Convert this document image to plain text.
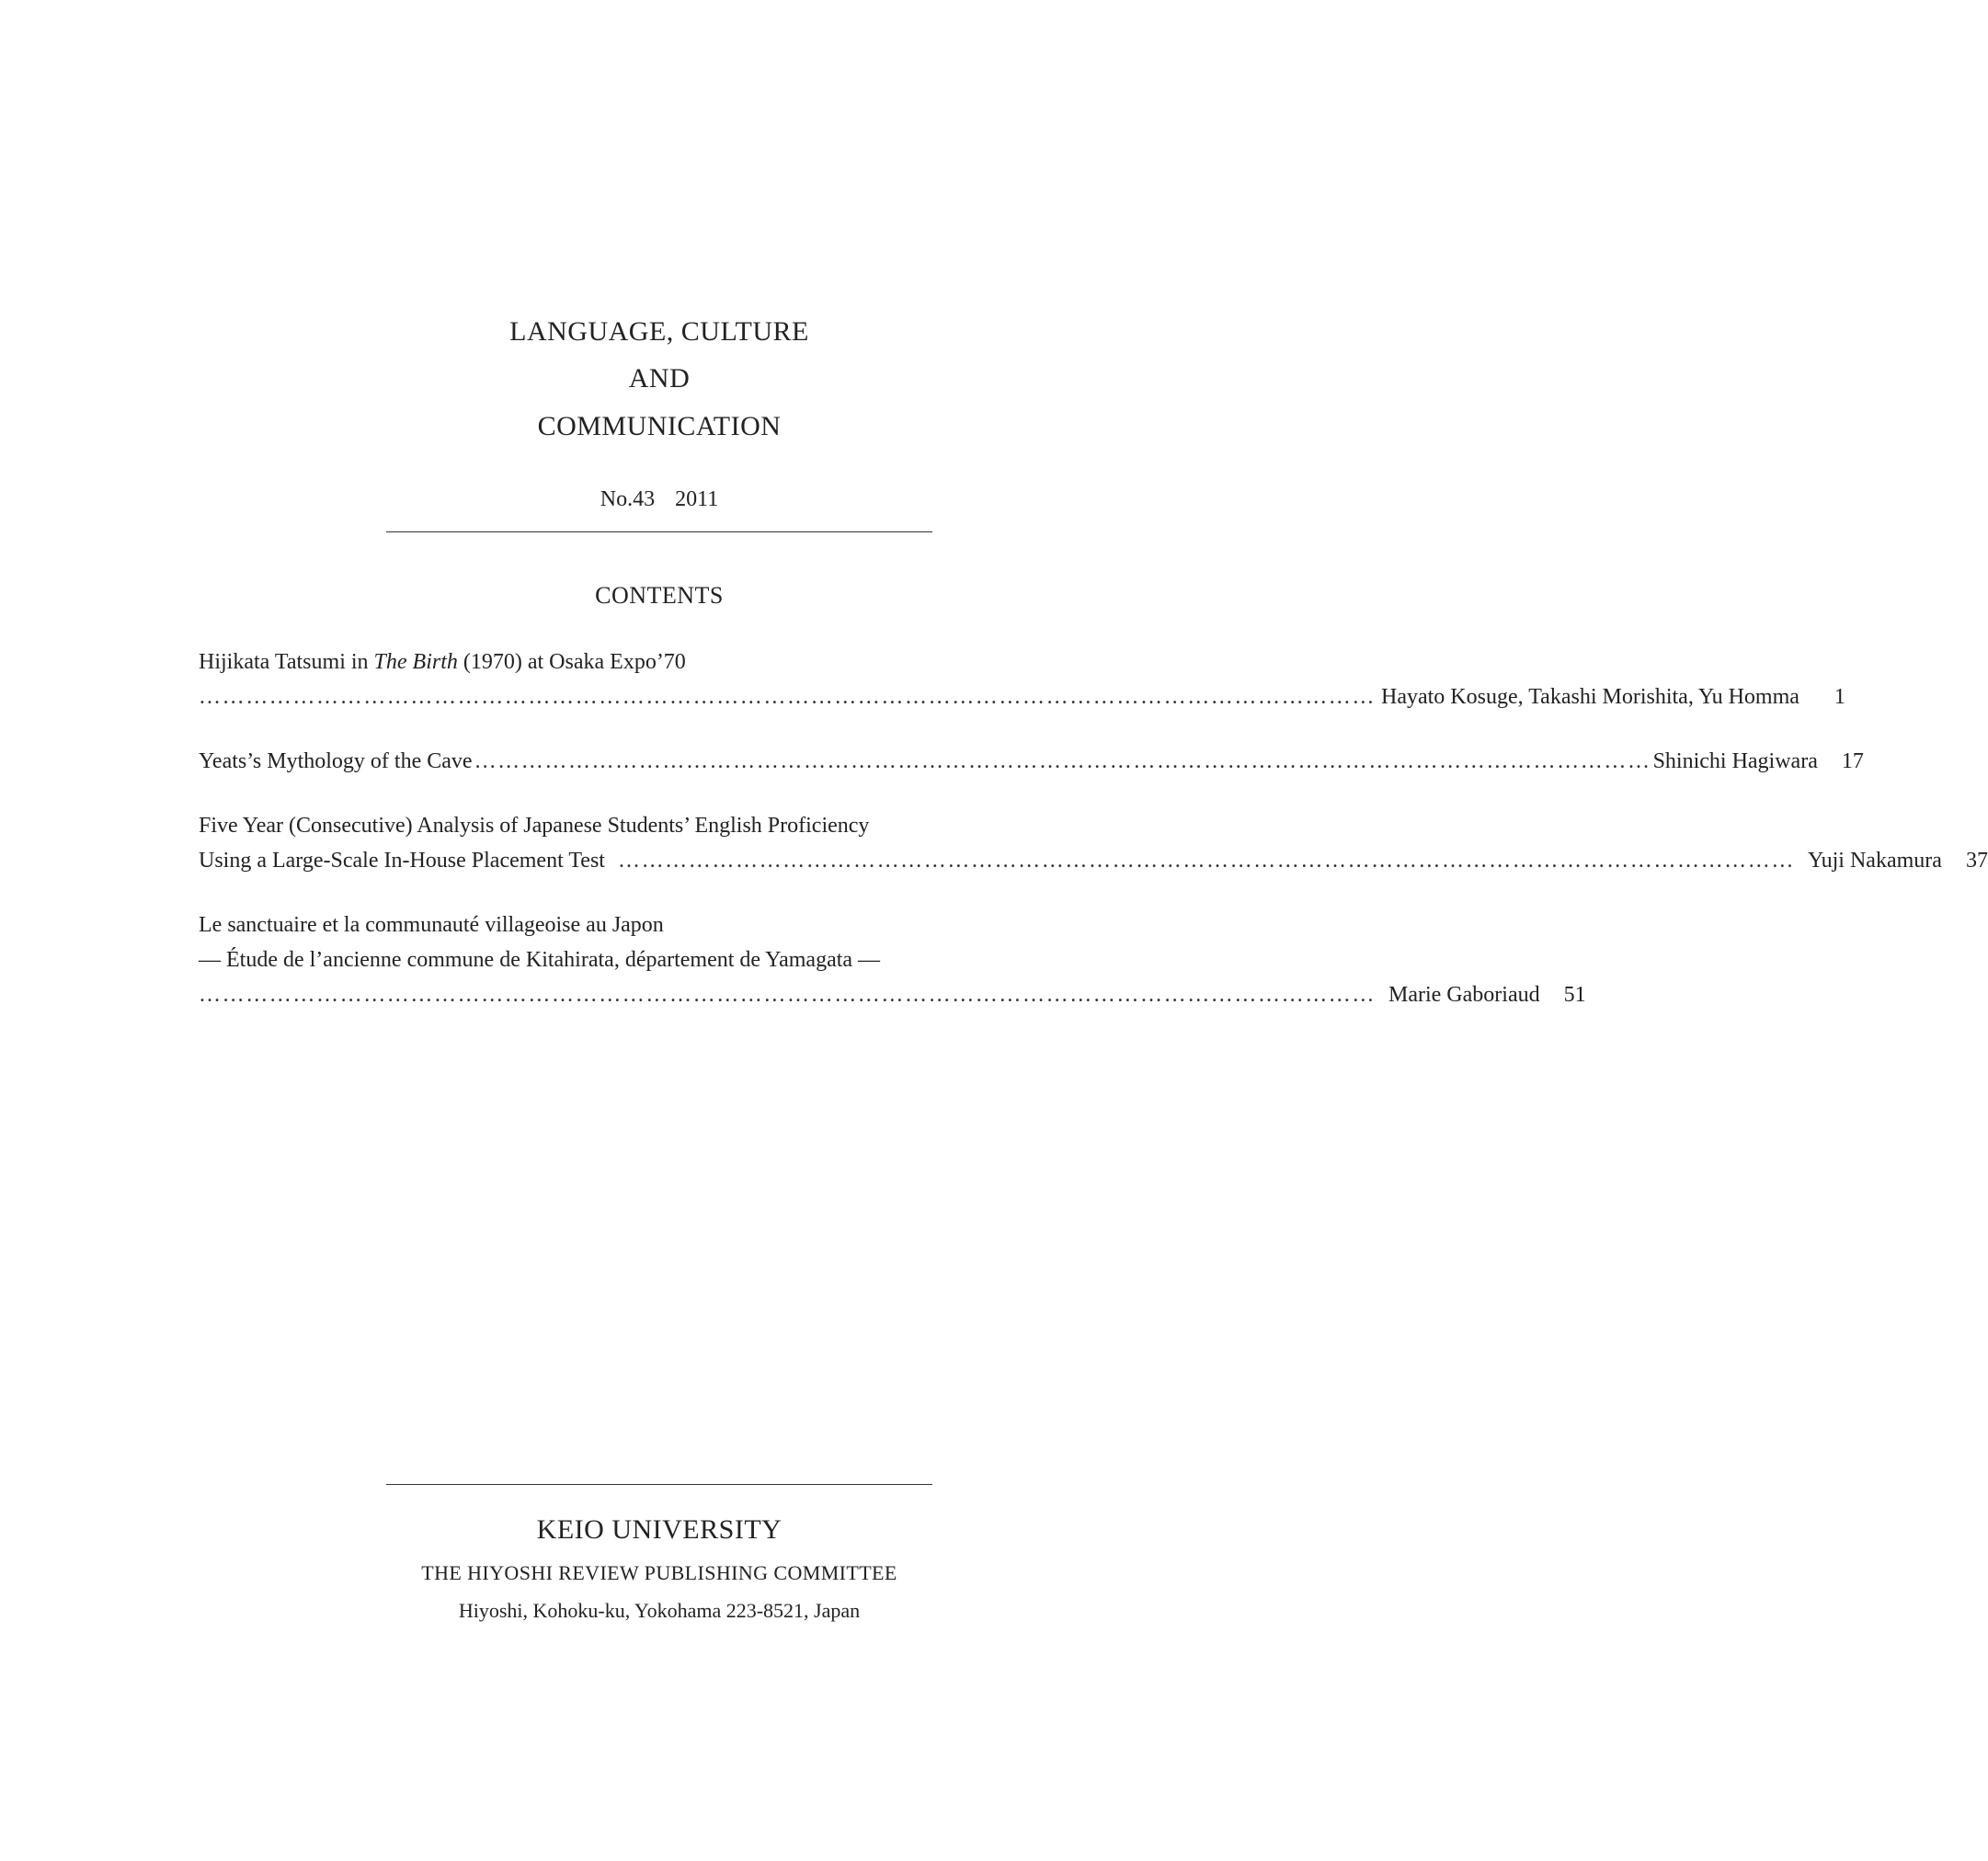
LANGUAGE, CULTURE
AND
COMMUNICATION
No.43 2011
CONTENTS
Hijikata Tatsumi in The Birth (1970) at Osaka Expo’70
…………………………………………………………………………………………………………………………………… Hayato Kosuge, Takashi Morishita, Yu Homma	1
Yeats’s Mythology of the Cave …………………………………………………………………………………………………………………………………… Shinichi Hagiwara	17
Five Year (Consecutive) Analysis of Japanese Students’ English Proficiency
Using a Large-Scale In-House Placement Test …………………………………………………………………………………………………………………………………… Yuji Nakamura	37
Le sanctuaire et la communauté villageoise au Japon
— Étude de l’ancienne commune de Kitahirata, département de Yamagata —
…………………………………………………………………………………………………………………………………… Marie Gaboriaud	51
KEIO UNIVERSITY
THE HIYOSHI REVIEW PUBLISHING COMMITTEE
Hiyoshi, Kohoku-ku, Yokohama 223-8521, Japan
